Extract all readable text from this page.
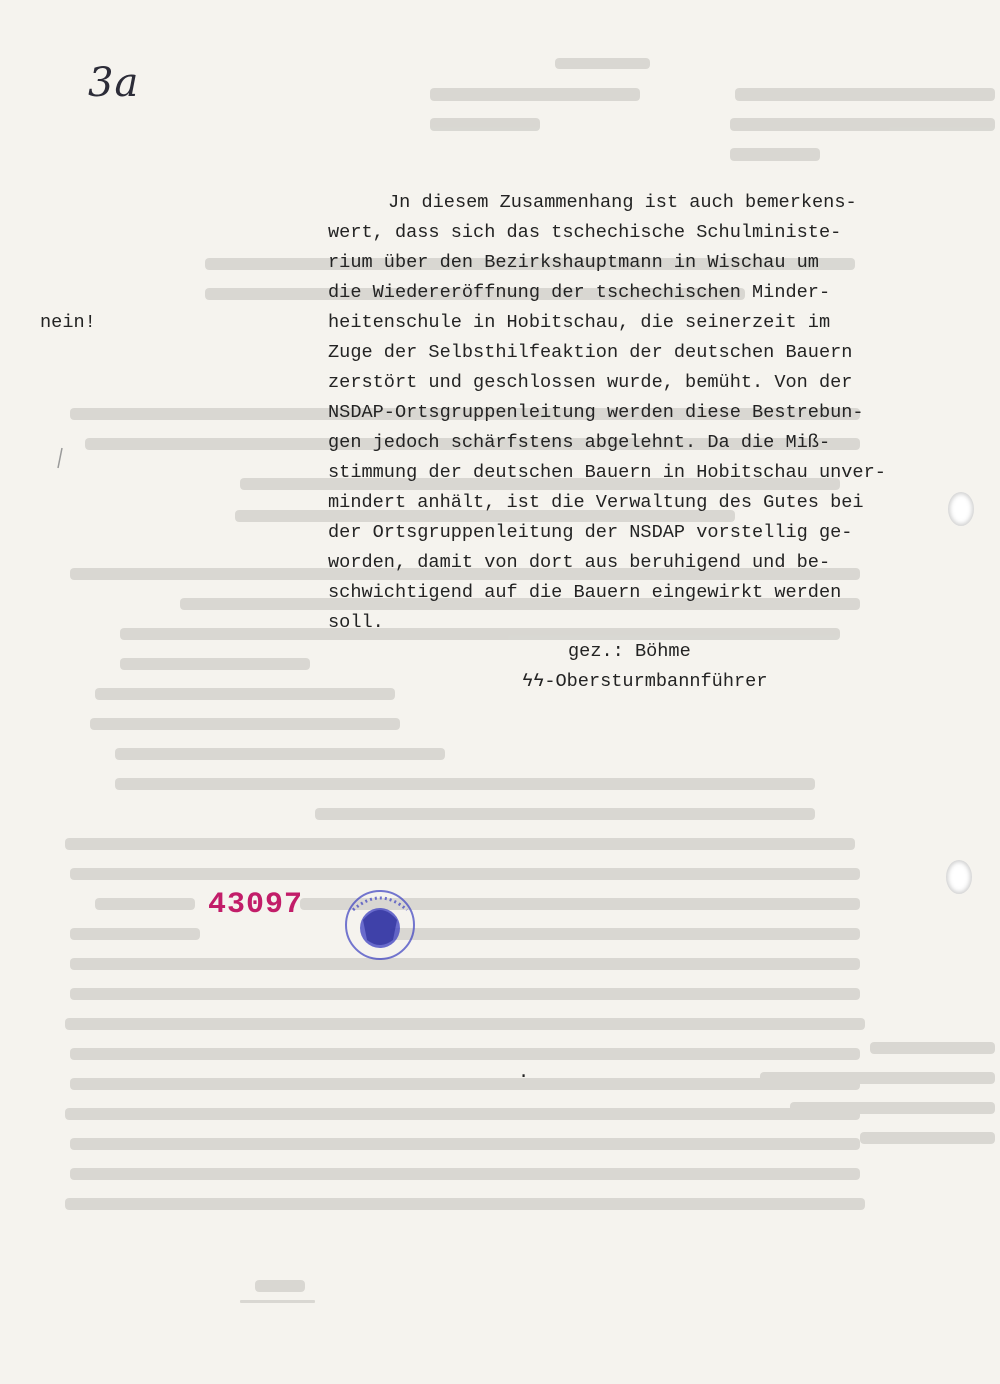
3a
nein!
Jn diesem Zusammenhang ist auch bemerkens-
wert, dass sich das tschechische Schulministe-
rium über den Bezirkshauptmann in Wischau um
die Wiedereröffnung der tschechischen Minder-
heitenschule in Hobitschau, die seinerzeit im
Zuge der Selbsthilfeaktion der deutschen Bauern
zerstört und geschlossen wurde, bemüht. Von der
NSDAP-Ortsgruppenleitung werden diese Bestrebun-
gen jedoch schärfstens abgelehnt. Da die Miß-
stimmung der deutschen Bauern in Hobitschau unver-
mindert anhält, ist die Verwaltung des Gutes bei
der Ortsgruppenleitung der NSDAP vorstellig ge-
worden, damit von dort aus beruhigend und be-
schwichtigend auf die Bauern eingewirkt werden
soll.
gez.: Böhme
ϟϟ-Obersturmbannführer
.
43097
